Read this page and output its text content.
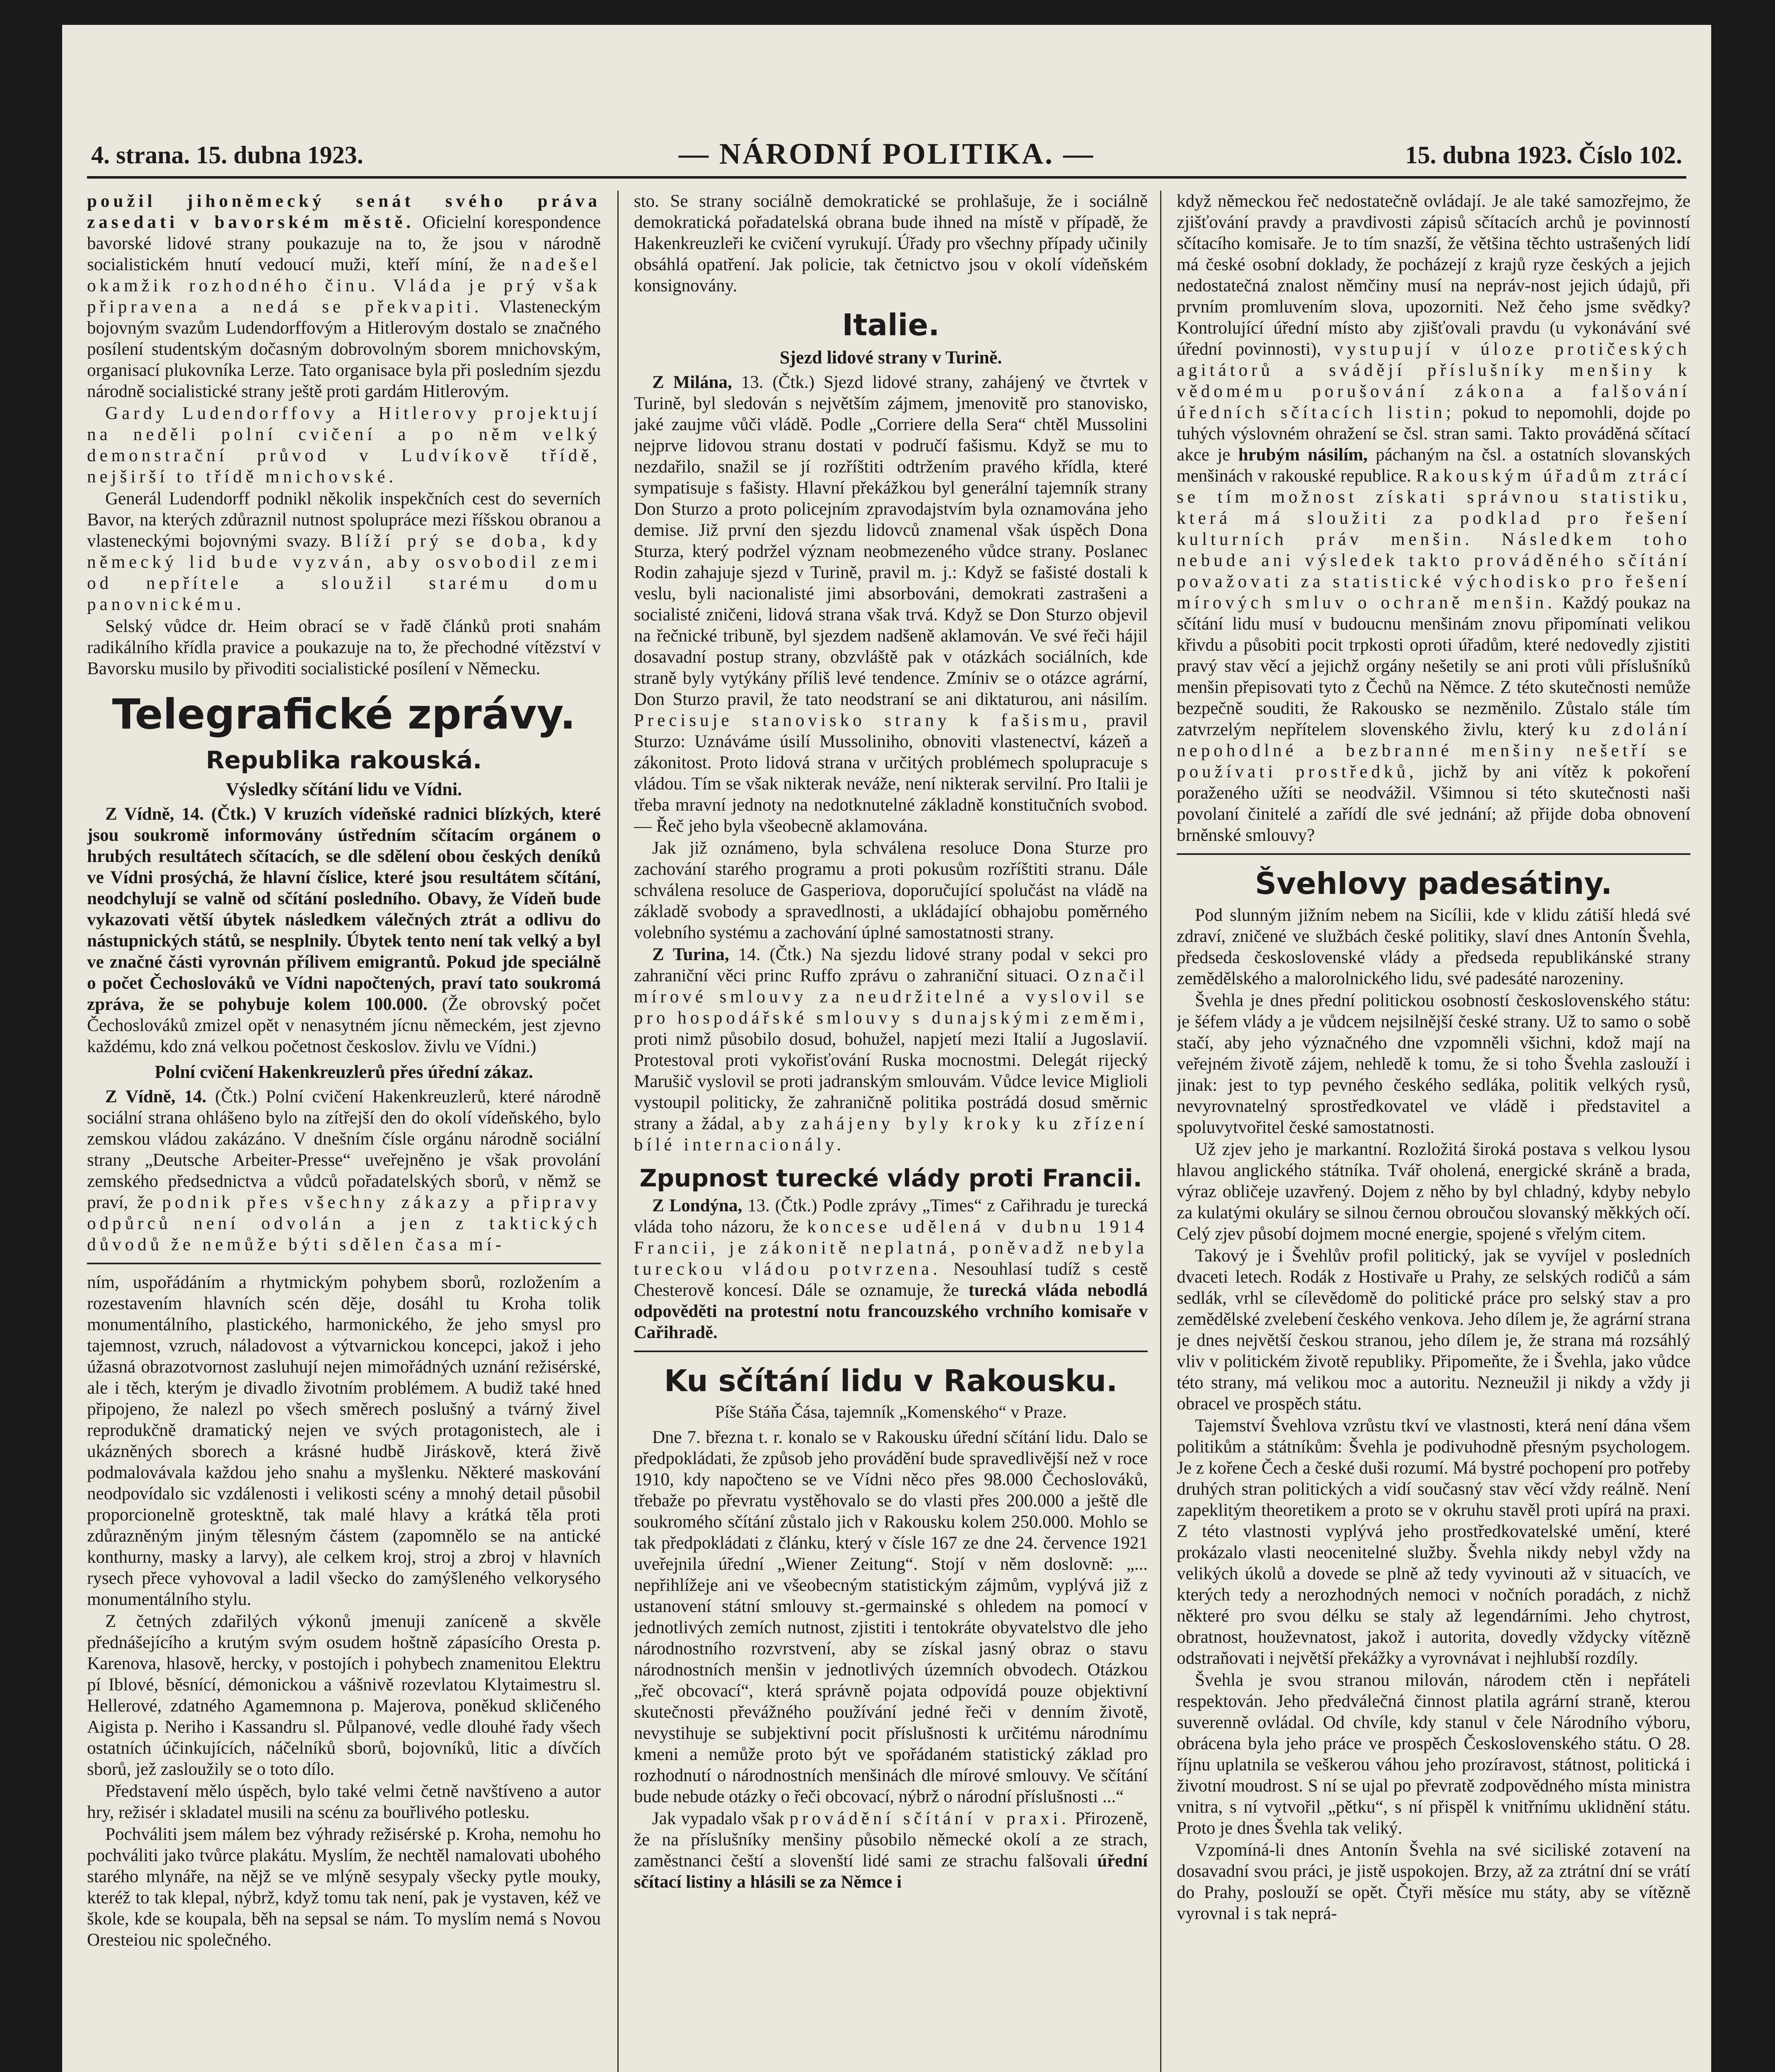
4. strana. 15. dubna 1923.	— NÁRODNÍ POLITIKA. —	15. dubna 1923. Číslo 102.

použil jihoněmecký senát svého práva zasedati v bavorském městě. Oficielní korespondence bavorské lidové strany poukazuje na to, že jsou v národně socialistickém hnutí vedoucí muži, kteří míní, že nadešel okamžik rozhodného činu. Vláda je prý však připravena a nedá se překvapiti. Vlasteneckým bojovným svazům Ludendorffovým a Hitlerovým dostalo se značného posílení studentským dočasným dobrovolným sborem mnichovským, organisací plukovníka Lerze. Tato organisace byla při posledním sjezdu národně socialistické strany ještě proti gardám Hitlerovým.

Gardy Ludendorffovy a Hitlerovy projektují na neděli polní cvičení a po něm velký demonstrační průvod v Ludvíkově třídě, nejširší to třídě mnichovské.

Generál Ludendorff podnikl několik inspekčních cest do severních Bavor, na kterých zdůraznil nutnost spolupráce mezi říšskou obranou a vlasteneckými bojovnými svazy. Blíží prý se doba, kdy německý lid bude vyzván, aby osvobodil zemi od nepřítele a sloužil starému domu panovnickému.

Selský vůdce dr. Heim obrací se v řadě článků proti snahám radikálního křídla pravice a poukazuje na to, že přechodné vítězství v Bavorsku musilo by přivoditi socialistické posílení v Německu.

Telegrafické zprávy.
Republika rakouská.
Výsledky sčítání lidu ve Vídni.

Z Vídně, 14. (Čtk.) V kruzích vídeňské radnici blízkých, které jsou soukromě informovány ústředním sčítacím orgánem o hrubých resultátech sčítacích, se dle sdělení obou českých deníků ve Vídni prosýchá, že hlavní číslice, které jsou resultátem sčítání, neodchylují se valně od sčítání posledního. Obavy, že Vídeň bude vykazovati větší úbytek následkem válečných ztrát a odlivu do nástupnických států, se nesplnily. Úbytek tento není tak velký a byl ve značné části vyrovnán přílivem emigrantů. Pokud jde speciálně o počet Čechoslováků ve Vídni napočtených, praví tato soukromá zpráva, že se pohybuje kolem 100.000. (Že obrovský počet Čechoslováků zmizel opět v nenasytném jícnu německém, jest zjevno každému, kdo zná velkou početnost českoslov. živlu ve Vídni.)

Polní cvičení Hakenkreuzlerů přes úřední zákaz.

Z Vídně, 14. (Čtk.) Polní cvičení Hakenkreuzlerů, které národně sociální strana ohlášeno bylo na zítřejší den do okolí vídeňského, bylo zemskou vládou zakázáno. V dnešním čísle orgánu národně sociální strany „Deutsche Arbeiter-Presse“ uveřejněno je však provolání zemského předsednictva a vůdců pořadatelských sborů, v němž se praví, že podnik přes všechny zákazy a připravy odpůrců není odvolán a jen z taktických důvodů že nemůže býti sdělen časa mí-

ním, uspořádáním a rhytmickým pohybem sborů, rozložením a rozestavením hlavních scén děje, dosáhl tu Kroha tolik monumentálního, plastického, harmonického, že jeho smysl pro tajemnost, vzruch, náladovost a výtvarnickou koncepci, jakož i jeho úžasná obrazotvornost zasluhují nejen mimořádných uznání režisérské, ale i těch, kterým je divadlo životním problémem. A budiž také hned připojeno, že nalezl po všech směrech poslušný a tvárný živel reprodukčně dramatický nejen ve svých protagonistech, ale i ukázněných sborech a krásné hudbě Jiráskově, která živě podmalovávala každou jeho snahu a myšlenku. Některé maskování neodpovídalo sic vzdálenosti i velikosti scény a mnohý detail působil proporcionelně grotesktně, tak malé hlavy a krátká těla proti zdůrazněným jiným tělesným částem (zapomnělo se na antické konthurny, masky a larvy), ale celkem kroj, stroj a zbroj v hlavních rysech přece vyhovoval a ladil všecko do zamýšleného velkorysého monumentálního stylu.

Z četných zdařilých výkonů jmenuji zaníceně a skvěle přednášejícího a krutým svým osudem hoštně zápasícího Oresta p. Karenova, hlasově, hercky, v postojích i pohybech znamenitou Elektru pí Iblové, běsnící, démonickou a vášnivě rozevlatou Klytaimestru sl. Hellerové, zdatného Agamemnona p. Majerova, poněkud skličeného Aigista p. Neriho i Kassandru sl. Půlpanové, vedle dlouhé řady všech ostatních účinkujících, náčelníků sborů, bojovníků, litic a dívčích sborů, jež zasloužily se o toto dílo.

Představení mělo úspěch, bylo také velmi četně navštíveno a autor hry, režisér i skladatel musili na scénu za bouřlivého potlesku.

Pochváliti jsem málem bez výhrady režisérské p. Kroha, nemohu ho pochváliti jako tvůrce plakátu. Myslím, že nechtěl namalovati ubohého starého mlynáře, na nějž se ve mlýně sesypaly všecky pytle mouky, kteréž to tak klepal, nýbrž, když tomu tak není, pak je vystaven, kéž ve škole, kde se koupala, běh na sepsal se nám. To myslím nemá s Novou Oresteiou nic společného.

sto. Se strany sociálně demokratické se prohlašuje, že i sociálně demokratická pořadatelská obrana bude ihned na místě v případě, že Hakenkreuzleři ke cvičení vyrukují. Úřady pro všechny případy učinily obsáhlá opatření. Jak policie, tak četnictvo jsou v okolí vídeňském konsignovány.

Italie.
Sjezd lidové strany v Turině.

Z Milána, 13. (Čtk.) Sjezd lidové strany, zahájený ve čtvrtek v Turině, byl sledován s největším zájmem, jmenovitě pro stanovisko, jaké zaujme vůči vládě. Podle „Corriere della Sera“ chtěl Mussolini nejprve lidovou stranu dostati v područí fašismu. Když se mu to nezdařilo, snažil se jí rozříštiti odtržením pravého křídla, které sympatisuje s fašisty. Hlavní překážkou byl generální tajemník strany Don Sturzo a proto policejním zpravodajstvím byla oznamována jeho demise. Již první den sjezdu lidovců znamenal však úspěch Dona Sturza, který podržel význam neobmezeného vůdce strany. Poslanec Rodin zahajuje sjezd v Turině, pravil m. j.: Když se fašisté dostali k veslu, byli nacionalisté jimi absorbováni, demokrati zastrašeni a socialisté zničeni, lidová strana však trvá. Když se Don Sturzo objevil na řečnické tribuně, byl sjezdem nadšeně aklamován. Ve své řeči hájil dosavadní postup strany, obzvláště pak v otázkách sociálních, kde straně byly vytýkány příliš levé tendence. Zmíniv se o otázce agrární, Don Sturzo pravil, že tato neodstraní se ani diktaturou, ani násilím. Precisuje stanovisko strany k fašismu, pravil Sturzo: Uznáváme úsilí Mussoliniho, obnoviti vlastenectví, kázeň a zákonitost. Proto lidová strana v určitých problémech spolupracuje s vládou. Tím se však nikterak neváže, není nikterak servilní. Pro Italii je třeba mravní jednoty na nedotknutelné základně konstitučních svobod. — Řeč jeho byla všeobecně aklamována.

Jak již oznámeno, byla schválena resoluce Dona Sturze pro zachování starého programu a proti pokusům rozříštiti stranu. Dále schválena resoluce de Gasperiova, doporučující spolučást na vládě na základě svobody a spravedlnosti, a ukládající obhajobu poměrného volebního systému a zachování úplné samostatnosti strany.

Z Turina, 14. (Čtk.) Na sjezdu lidové strany podal v sekci pro zahraniční věci princ Ruffo zprávu o zahraniční situaci. Označil mírové smlouvy za neudržitelné a vyslovil se pro hospodářské smlouvy s dunajskými zeměmi, proti nimž působilo dosud, bohužel, napjetí mezi Italií a Jugoslavií. Protestoval proti vykořisťování Ruska mocnostmi. Delegát rijecký Marušič vyslovil se proti jadranským smlouvám. Vůdce levice Miglioli vystoupil politicky, že zahraničně politika postrádá dosud směrnic strany a žádal, aby zahájeny byly kroky ku zřízení bílé internacionály.

Zpupnost turecké vlády proti Francii.

Z Londýna, 13. (Čtk.) Podle zprávy „Times“ z Cařihradu je turecká vláda toho názoru, že koncese udělená v dubnu 1914 Francii, je zákonitě neplatná, poněvadž nebyla tureckou vládou potvrzena. Nesouhlasí tudíž s cestě Chesterově koncesí. Dále se oznamuje, že turecká vláda nebodlá odpověděti na protestní notu francouzského vrchního komisaře v Cařihradě.

Ku sčítání lidu v Rakousku.
Píše Stáňa Čása, tajemník „Komenského“ v Praze.

Dne 7. března t. r. konalo se v Rakousku úřední sčítání lidu. Dalo se předpokládati, že způsob jeho provádění bude spravedlivější než v roce 1910, kdy napočteno se ve Vídni něco přes 98.000 Čechoslováků, třebaže po převratu vystěhovalo se do vlasti přes 200.000 a ještě dle soukromého sčítání zůstalo jich v Rakousku kolem 250.000. Mohlo se tak předpokládati z článku, který v čísle 167 ze dne 24. července 1921 uveřejnila úřední „Wiener Zeitung“. Stojí v něm doslovně: „... nepřihlížeje ani ve všeobecným statistickým zájmům, vyplývá již z ustanovení státní smlouvy st.-germainské s ohledem na pomocí v jednotlivých zemích nutnost, zjistiti i tentokráte obyvatelstvo dle jeho národnostního rozvrstvení, aby se získal jasný obraz o stavu národnostních menšin v jednotlivých územních obvodech. Otázkou „řeč obcovací“, která správně pojata odpovídá pouze objektivní skutečnosti převážného používání jedné řeči v denním životě, nevystihuje se subjektivní pocit příslušnosti k určitému národnímu kmeni a nemůže proto být ve spořádaném statistický základ pro rozhodnutí o národnostních menšinách dle mírové smlouvy. Ve sčítání bude nebude otázky o řeči obcovací, nýbrž o národní příslušnosti ...“

Jak vypadalo však provádění sčítání v praxi. Přirozeně, že na příslušníky menšiny působilo německé okolí a ze strach, zaměstnanci čeští a slovenští lidé sami ze strachu falšovali úřední sčítací listiny a hlásili se za Němce i

když německou řeč nedostatečně ovládají. Je ale také samozřejmo, že zjišťování pravdy a pravdivosti zápisů sčítacích archů je povinností sčítacího komisaře. Je to tím snazší, že většina těchto ustrašených lidí má české osobní doklady, že pocházejí z krajů ryze českých a jejich nedostatečná znalost němčiny musí na nepráv-nost jejich údajů, při prvním promluvením slova, upozorniti. Než čeho jsme svědky? Kontrolující úřední místo aby zjišťovali pravdu (u vykonávání své úřední povinnosti), vystupují v úloze protičeských agitátorů a svádějí příslušníky menšiny k vědomému porušování zákona a falšování úředních sčítacích listin; pokud to nepomohli, dojde po tuhých výslovném ohražení se čsl. stran sami. Takto prováděná sčítací akce je hrubým násilím, páchaným na čsl. a ostatních slovanských menšinách v rakouské republice. Rakouským úřadům ztrácí se tím možnost získati správnou statistiku, která má sloužiti za podklad pro řešení kulturních práv menšin. Následkem toho nebude ani výsledek takto prováděného sčítání považovati za statistické východisko pro řešení mírových smluv o ochraně menšin. Každý poukaz na sčítání lidu musí v budoucnu menšinám znovu připomínati velikou křivdu a působiti pocit trpkosti oproti úřadům, které nedovedly zjistiti pravý stav věcí a jejichž orgány nešetily se ani proti vůli příslušníků menšin přepisovati tyto z Čechů na Němce. Z této skutečnosti nemůže bezpečně souditi, že Rakousko se nezměnilo. Zůstalo stále tím zatvrzelým nepřítelem slovenského živlu, který ku zdolání nepohodlné a bezbranné menšiny nešetří se používati prostředků, jichž by ani vítěz k pokoření poraženého užíti se neodvážil. Všimnou si této skutečnosti naši povolaní činitelé a zařídí dle své jednání; až přijde doba obnovení brněnské smlouvy?

Švehlovy padesátiny.

Pod slunným jižním nebem na Sicílii, kde v klidu zátiší hledá své zdraví, zničené ve službách české politiky, slaví dnes Antonín Švehla, předseda československé vlády a předseda republikánské strany zemědělského a malorolnického lidu, své padesáté narozeniny.

Švehla je dnes přední politickou osobností československého státu: je šéfem vlády a je vůdcem nejsilnější české strany. Už to samo o sobě stačí, aby jeho význačného dne vzpomněli všichni, kdož mají na veřejném životě zájem, nehledě k tomu, že si toho Švehla zaslouží i jinak: jest to typ pevného českého sedláka, politik velkých rysů, nevyrovnatelný sprostředkovatel ve vládě i představitel a spoluvytvořitel české samostatnosti.

Už zjev jeho je markantní. Rozložitá široká postava s velkou lysou hlavou anglického státníka. Tvář oholená, energické skráně a brada, výraz obličeje uzavřený. Dojem z něho by byl chladný, kdyby nebylo za kulatými okuláry se silnou černou obroučou slovanský měkkých očí. Celý zjev působí dojmem mocné energie, spojené s vřelým citem.

Takový je i Švehlův profil politický, jak se vyvíjel v posledních dvaceti letech. Rodák z Hostivaře u Prahy, ze selských rodičů a sám sedlák, vrhl se cílevědomě do politické práce pro selský stav a pro zemědělské zvelebení českého venkova. Jeho dílem je, že agrární strana je dnes největší českou stranou, jeho dílem je, že strana má rozsáhlý vliv v politickém životě republiky. Připomeňte, že i Švehla, jako vůdce této strany, má velikou moc a autoritu. Nezneužil ji nikdy a vždy ji obracel ve prospěch státu.

Tajemství Švehlova vzrůstu tkví ve vlastnosti, která není dána všem politikům a státníkům: Švehla je podivuhodně přesným psychologem. Je z kořene Čech a české duši rozumí. Má bystré pochopení pro potřeby druhých stran politických a vidí současný stav věcí vždy reálně. Není zapeklitým theoretikem a proto se v okruhu stavěl proti upírá na praxi. Z této vlastnosti vyplývá jeho prostředkovatelské umění, které prokázalo vlasti neocenitelné služby. Švehla nikdy nebyl vždy na velikých úkolů a dovede se plně až tedy vyvinouti až v situacích, ve kterých tedy a nerozhodných nemoci v nočních poradách, z nichž některé pro svou délku se staly až legendárními. Jeho chytrost, obratnost, houževnatost, jakož i autorita, dovedly vždycky vítězně odstraňovati i největší překážky a vyrovnávat i nejhlubší rozdíly.

Švehla je svou stranou milován, národem ctěn i nepřáteli respektován. Jeho předválečná činnost platila agrární straně, kterou suverenně ovládal. Od chvíle, kdy stanul v čele Národního výboru, obrácena byla jeho práce ve prospěch Československého státu. O 28. říjnu uplatnila se veškerou váhou jeho prozíravost, státnost, politická i životní moudrost. S ní se ujal po převratě zodpovědného místa ministra vnitra, s ní vytvořil „pětku“, s ní přispěl k vnitřnímu uklidnění státu. Proto je dnes Švehla tak veliký.

Vzpomíná-li dnes Antonín Švehla na své siciliské zotavení na dosavadní svou práci, je jistě uspokojen. Brzy, až za ztrátní dní se vrátí do Prahy, poslouží se opět. Čtyři měsíce mu státy, aby se vítězně vyrovnal i s tak neprá-
